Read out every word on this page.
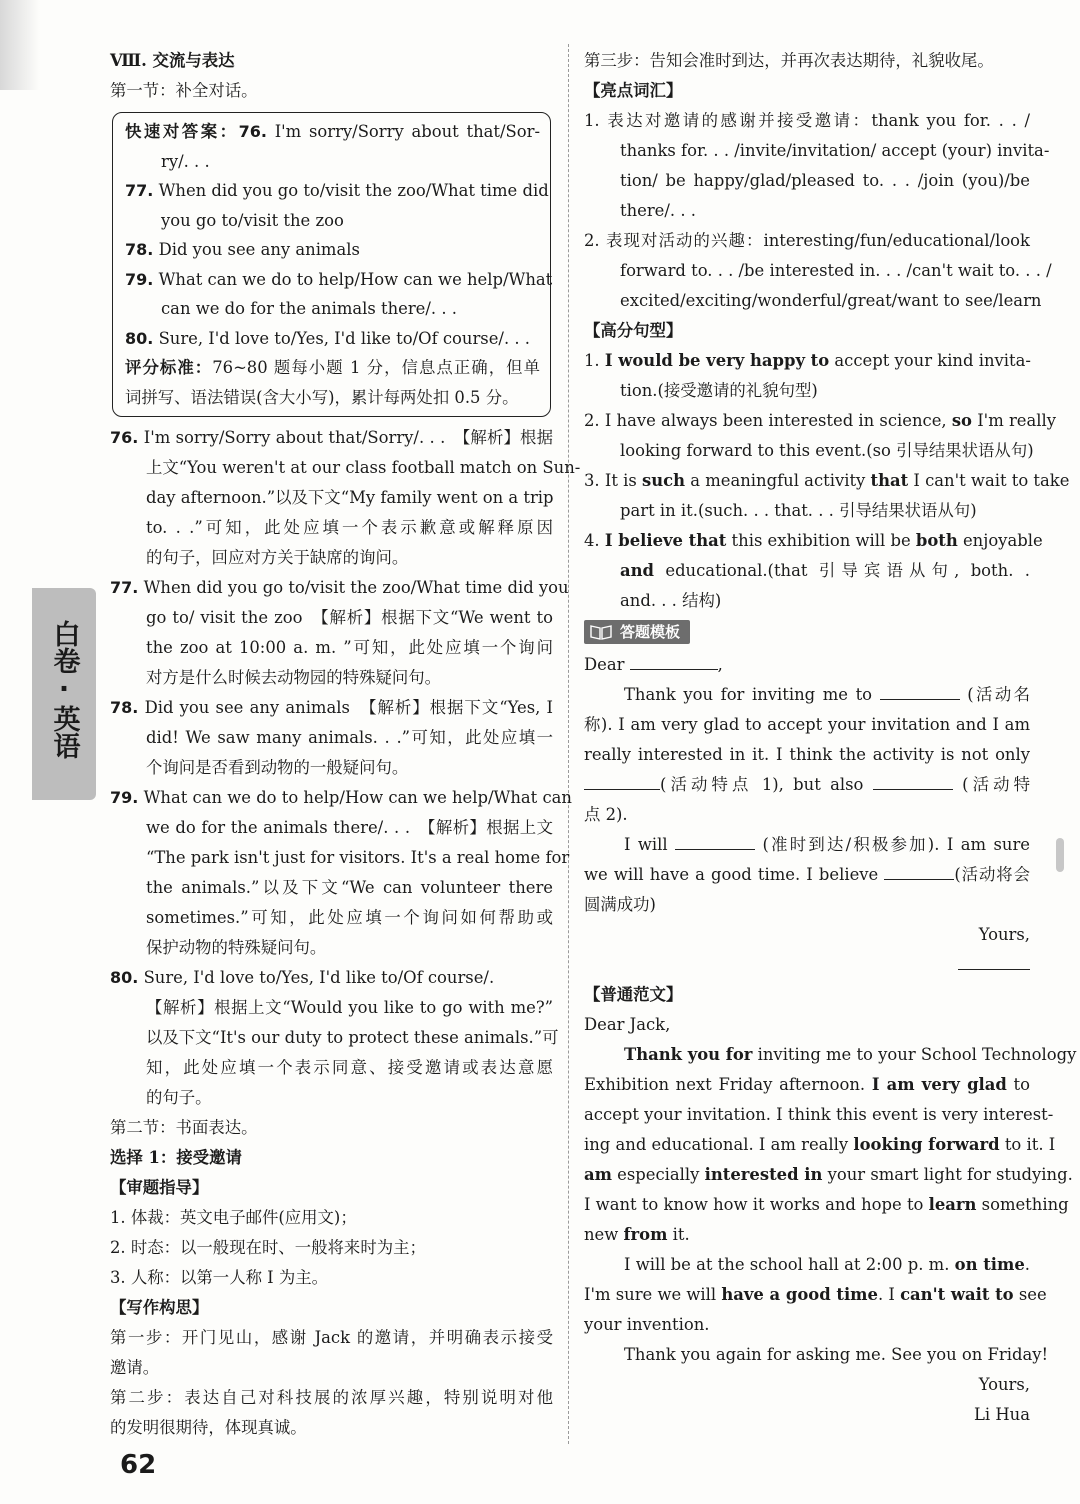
白卷
·
英语
Ⅷ. 交流与表达
第一节：补全对话。
快速对答案：76. I'm sorry/Sorry about that/Sor-
ry/. . .
77. When did you go to/visit the zoo/What time did
you go to/visit the zoo
78. Did you see any animals
79. What can we do to help/How can we help/What
can we do for the animals there/. . .
80. Sure, I'd love to/Yes, I'd like to/Of course/. . .
评分标准：76~80 题每小题 1 分，信息点正确，但单
词拼写、语法错误(含大小写)，累计每两处扣 0.5 分。
76. I'm sorry/Sorry about that/Sorry/. . .　【解析】根据
上文“You weren't at our class football match on Sun-
day afternoon.”以及下文“My family went on a trip
to. . .”可知，此处应填一个表示歉意或解释原因
的句子，回应对方关于缺席的询问。
77. When did you go to/visit the zoo/What time did you
go to/ visit the zoo　【解析】根据下文“We went to
the zoo at 10:00 a. m. ”可知，此处应填一个询问
对方是什么时候去动物园的特殊疑问句。
78. Did you see any animals　【解析】根据下文“Yes, I
did! We saw many animals. . .”可知，此处应填一
个询问是否看到动物的一般疑问句。
79. What can we do to help/How can we help/What can
we do for the animals there/. . .　【解析】根据上文
“The park isn't just for visitors. It's a real home for
the animals.”以及下文“We can volunteer there
sometimes.”可知，此处应填一个询问如何帮助或
保护动物的特殊疑问句。
80. Sure, I'd love to/Yes, I'd like to/Of course/.
【解析】根据上文“Would you like to go with me?”
以及下文“It's our duty to protect these animals.”可
知，此处应填一个表示同意、接受邀请或表达意愿
的句子。
第二节：书面表达。
选择 1：接受邀请
【审题指导】
1. 体裁：英文电子邮件(应用文)；
2. 时态：以一般现在时、一般将来时为主；
3. 人称：以第一人称 I 为主。
【写作构思】
第一步：开门见山，感谢 Jack 的邀请，并明确表示接受
邀请。
第二步：表达自己对科技展的浓厚兴趣，特别说明对他
的发明很期待，体现真诚。
第三步：告知会准时到达，并再次表达期待，礼貌收尾。
【亮点词汇】
1. 表达对邀请的感谢并接受邀请：thank you for. . . /
thanks for. . . /invite/invitation/ accept (your) invita-
tion/ be happy/glad/pleased to. . . /join (you)/be
there/. . .
2. 表现对活动的兴趣：interesting/fun/educational/look
forward to. . . /be interested in. . . /can't wait to. . . /
excited/exciting/wonderful/great/want to see/learn
【高分句型】
1. I would be very happy to accept your kind invita-
tion.(接受邀请的礼貌句型)
2. I have always been interested in science, so I'm really
looking forward to this event.(so 引导结果状语从句)
3. It is such a meaningful activity that I can't wait to take
part in it.(such. . . that. . . 引导结果状语从句)
4. I believe that this exhibition will be both enjoyable
and educational.(that 引导宾语从句, both. .
and. . . 结构)
答题模板
Dear	,
Thank you for inviting me to	(活动名
称). I am very glad to accept your invitation and I am
really interested in it. I think the activity is not only
(活动特点 1), but also	(活动特
点 2).
I will	(准时到达/积极参加). I am sure
we will have a good time. I believe	(活动将会
圆满成功)
Yours,
【普通范文】
Dear Jack,
Thank you for inviting me to your School Technology
Exhibition next Friday afternoon. I am very glad to
accept your invitation. I think this event is very interest-
ing and educational. I am really looking forward to it. I
am especially interested in your smart light for studying.
I want to know how it works and hope to learn something
new from it.
I will be at the school hall at 2:00 p. m. on time.
I'm sure we will have a good time. I can't wait to see
your invention.
Thank you again for asking me. See you on Friday!
Yours,
Li Hua
62
